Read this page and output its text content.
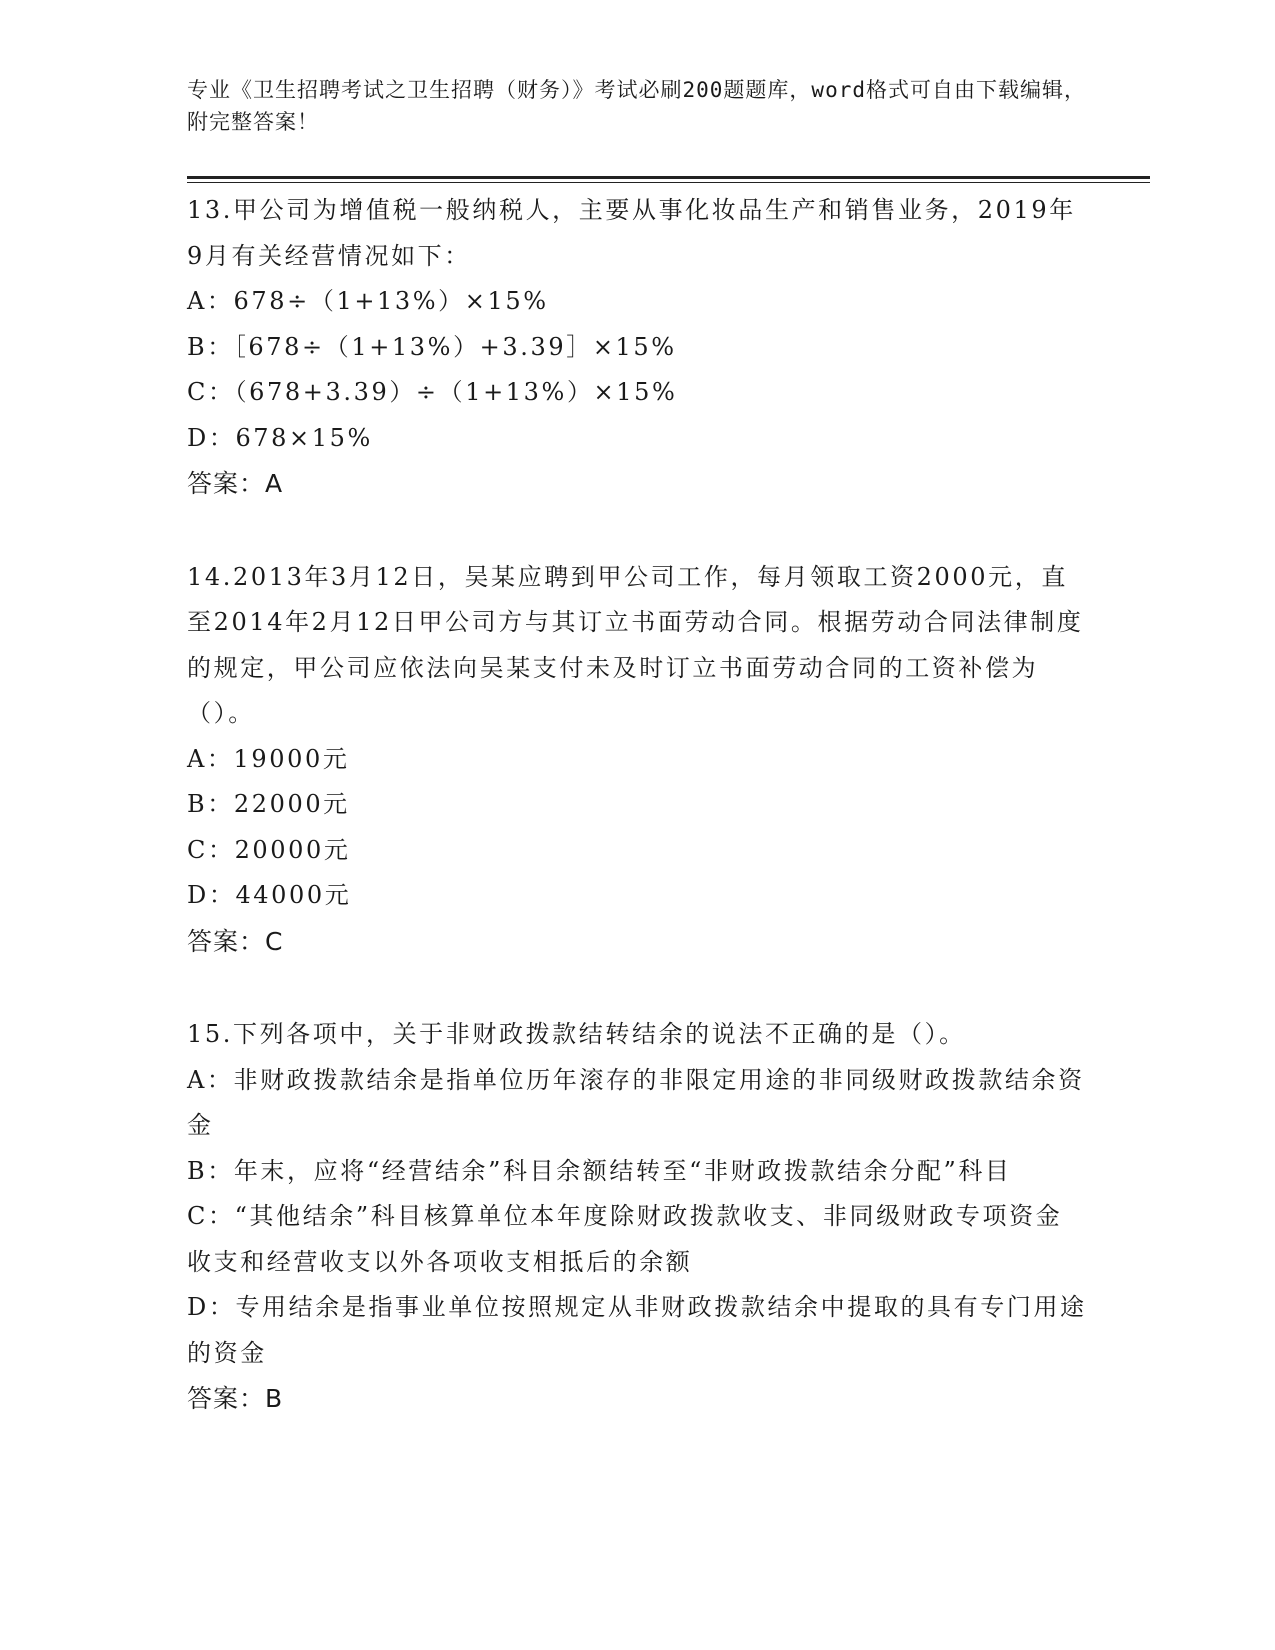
专业《卫生招聘考试之卫生招聘（财务）》考试必刷200题题库，word格式可自由下载编辑，附完整答案！
13.甲公司为增值税一般纳税人，主要从事化妆品生产和销售业务，2019年9月有关经营情况如下：
A：678÷（1+13%）×15%
B：［678÷（1+13%）+3.39］×15%
C：（678+3.39）÷（1+13%）×15%
D：678×15%
答案：A
14.2013年3月12日，吴某应聘到甲公司工作，每月领取工资2000元，直至2014年2月12日甲公司方与其订立书面劳动合同。根据劳动合同法律制度的规定，甲公司应依法向吴某支付未及时订立书面劳动合同的工资补偿为（）。
A：19000元
B：22000元
C：20000元
D：44000元
答案：C
15.下列各项中，关于非财政拨款结转结余的说法不正确的是（）。
A：非财政拨款结余是指单位历年滚存的非限定用途的非同级财政拨款结余资金
B：年末，应将“经营结余”科目余额结转至“非财政拨款结余分配”科目
C：“其他结余”科目核算单位本年度除财政拨款收支、非同级财政专项资金收支和经营收支以外各项收支相抵后的余额
D：专用结余是指事业单位按照规定从非财政拨款结余中提取的具有专门用途的资金
答案：B
